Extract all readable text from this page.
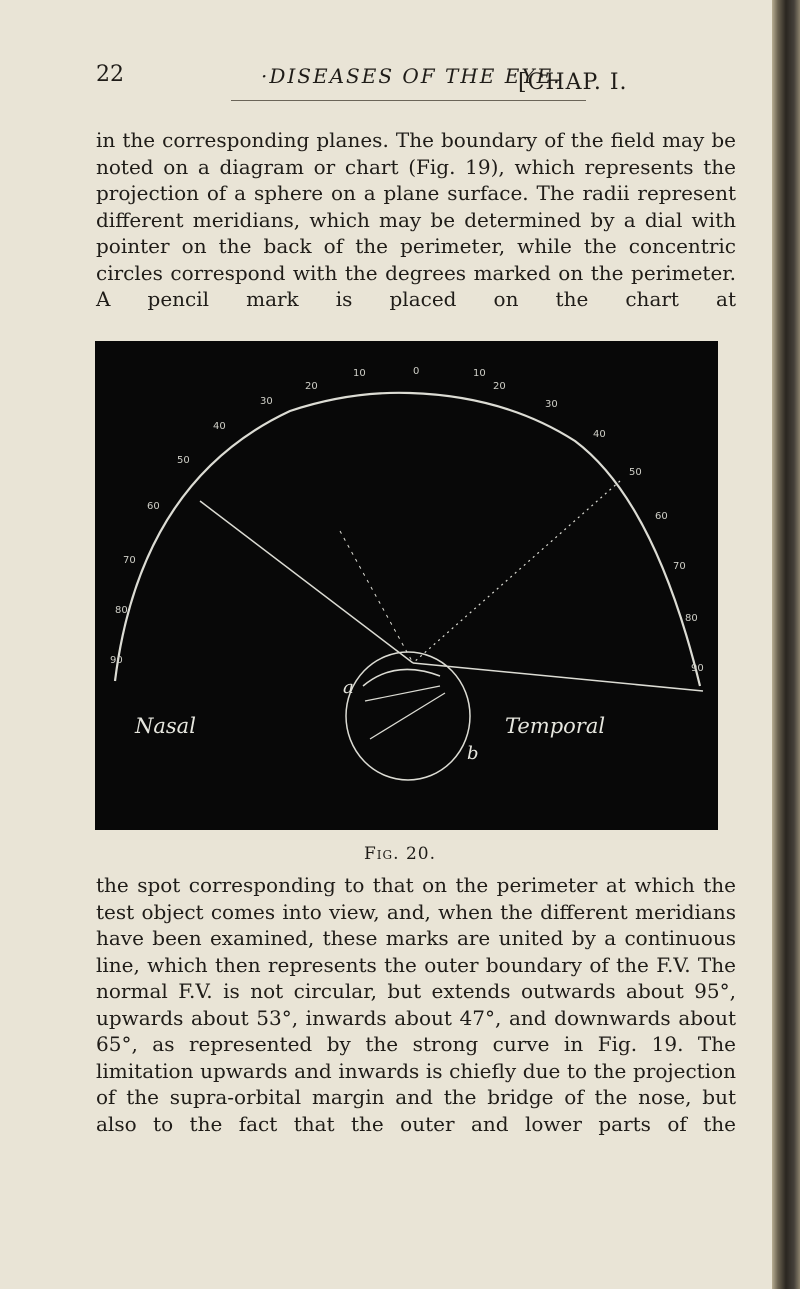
22	·DISEASES OF THE EYE.
[CHAP. I.

in the corresponding planes. The boundary of the field may be noted on a diagram or chart (Fig. 19), which represents the projection of a sphere on a plane surface. The radii represent different meridians, which may be determined by a dial with pointer on the back of the perimeter, while the concentric circles correspond with the degrees marked on the perimeter. A pencil mark is placed on the chart at

10	0	10
20
30
40
50
60
70
80
90
20
30
40
50
60
70
80
90
Nasal	Temporal
a
b
Fig. 20.

the spot corresponding to that on the perimeter at which the test object comes into view, and, when the different meridians have been examined, these marks are united by a continuous line, which then represents the outer boundary of the F.V. The normal F.V. is not circular, but extends outwards about 95°, upwards about 53°, inwards about 47°, and downwards about 65°, as represented by the strong curve in Fig. 19. The limitation upwards and inwards is chiefly due to the projection of the supra-orbital margin and the bridge of the nose, but also to the fact that the outer and lower parts of the
